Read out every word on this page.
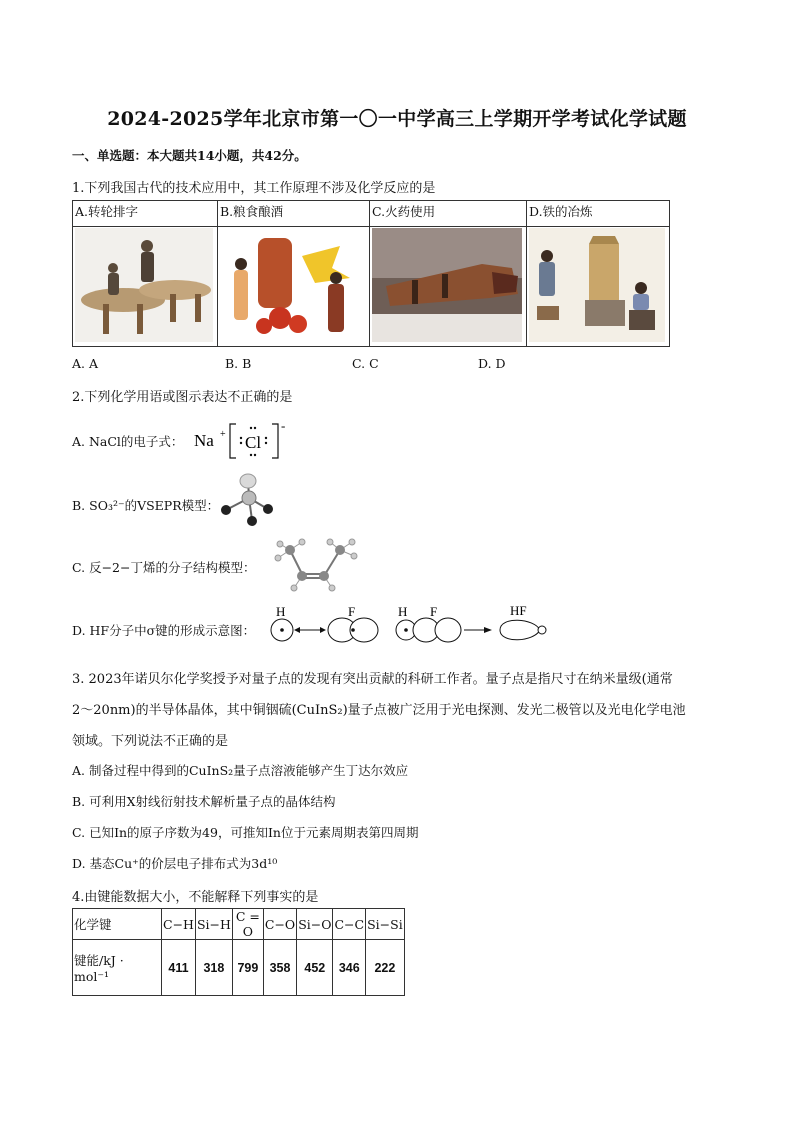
2024-2025学年北京市第一〇一中学高三上学期开学考试化学试题
一、单选题：本大题共14小题，共42分。
1.下列我国古代的技术应用中，其工作原理不涉及化学反应的是
A.转轮排字	B.粮食酿酒	C.火药使用	D.铁的冶炼

A. A	B. B	C. C	D. D
2.下列化学用语或图示表达不正确的是
A. NaCl的电子式： Na + Cl
-
B. SO₃²⁻的VSEPR模型：
C. 反−2−丁烯的分子结构模型：
D. HF分子中σ键的形成示意图：
H	F	H F	HF
3. 2023年诺贝尔化学奖授予对量子点的发现有突出贡献的科研工作者。量子点是指尺寸在纳米量级(通常
2～20nm)的半导体晶体，其中铜铟硫(CuInS₂)量子点被广泛用于光电探测、发光二极管以及光电化学电池
领域。下列说法不正确的是
A. 制备过程中得到的CuInS₂量子点溶液能够产生丁达尔效应
B. 可利用X射线衍射技术解析量子点的晶体结构
C. 已知In的原子序数为49，可推知In位于元素周期表第四周期
D. 基态Cu⁺的价层电子排布式为3d¹⁰
4.由键能数据大小，不能解释下列事实的是
化学键	C−H	Si−H	C = O	C−O	Si−O	C−C	Si−Si
键能/kJ · mol⁻¹	411	318	799	358	452	346	222
